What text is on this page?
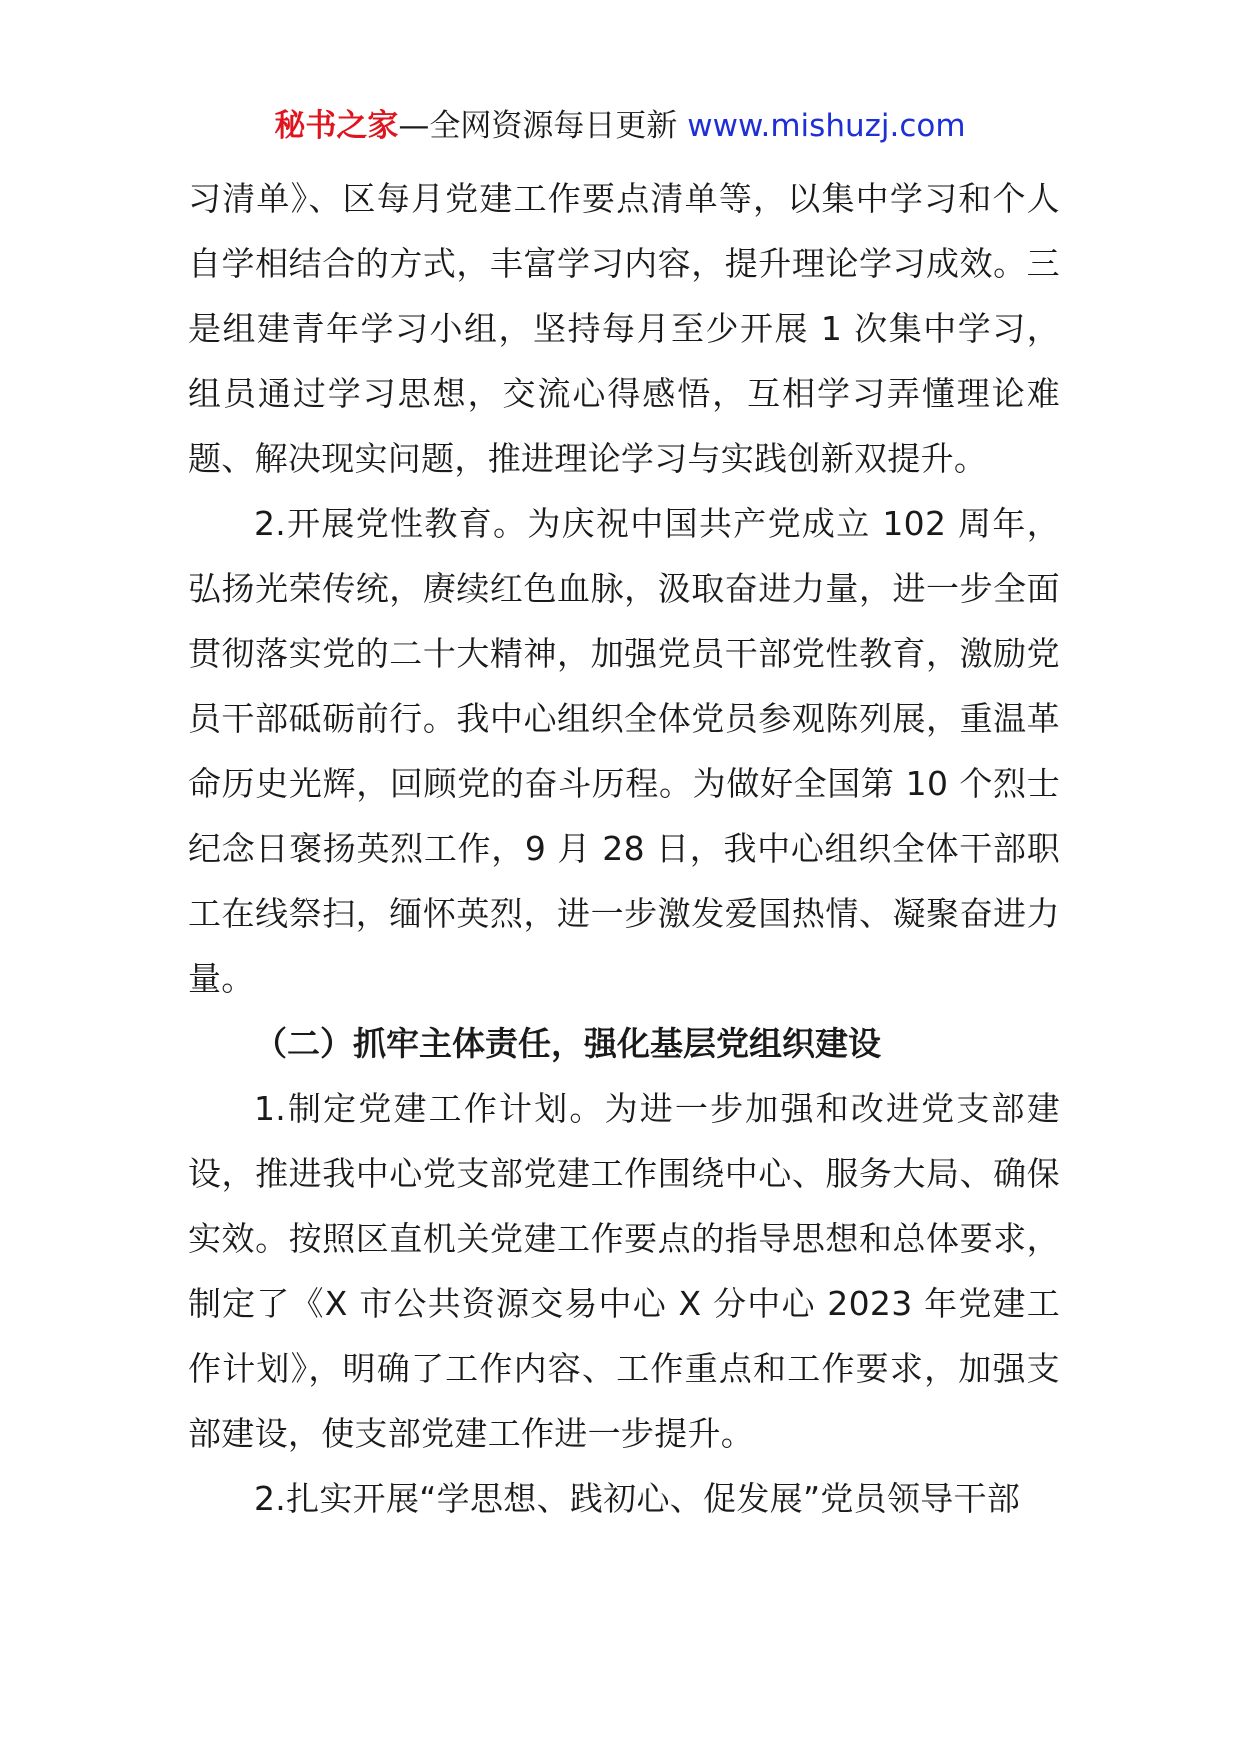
秘书之家—全网资源每日更新 www.mishuzj.com

习清单》、区每月党建工作要点清单等，以集中学习和个人自学相结合的方式，丰富学习内容，提升理论学习成效。三是组建青年学习小组，坚持每月至少开展 1 次集中学习，组员通过学习思想，交流心得感悟，互相学习弄懂理论难题、解决现实问题，推进理论学习与实践创新双提升。

2.开展党性教育。为庆祝中国共产党成立 102 周年，弘扬光荣传统，赓续红色血脉，汲取奋进力量，进一步全面贯彻落实党的二十大精神，加强党员干部党性教育，激励党员干部砥砺前行。我中心组织全体党员参观陈列展，重温革命历史光辉，回顾党的奋斗历程。为做好全国第 10 个烈士纪念日褒扬英烈工作，9 月 28 日，我中心组织全体干部职工在线祭扫，缅怀英烈，进一步激发爱国热情、凝聚奋进力量。

（二）抓牢主体责任，强化基层党组织建设

1.制定党建工作计划。为进一步加强和改进党支部建设，推进我中心党支部党建工作围绕中心、服务大局、确保实效。按照区直机关党建工作要点的指导思想和总体要求，制定了《X 市公共资源交易中心 X 分中心 2023 年党建工作计划》，明确了工作内容、工作重点和工作要求，加强支部建设，使支部党建工作进一步提升。

2.扎实开展“学思想、践初心、促发展”党员领导干部
